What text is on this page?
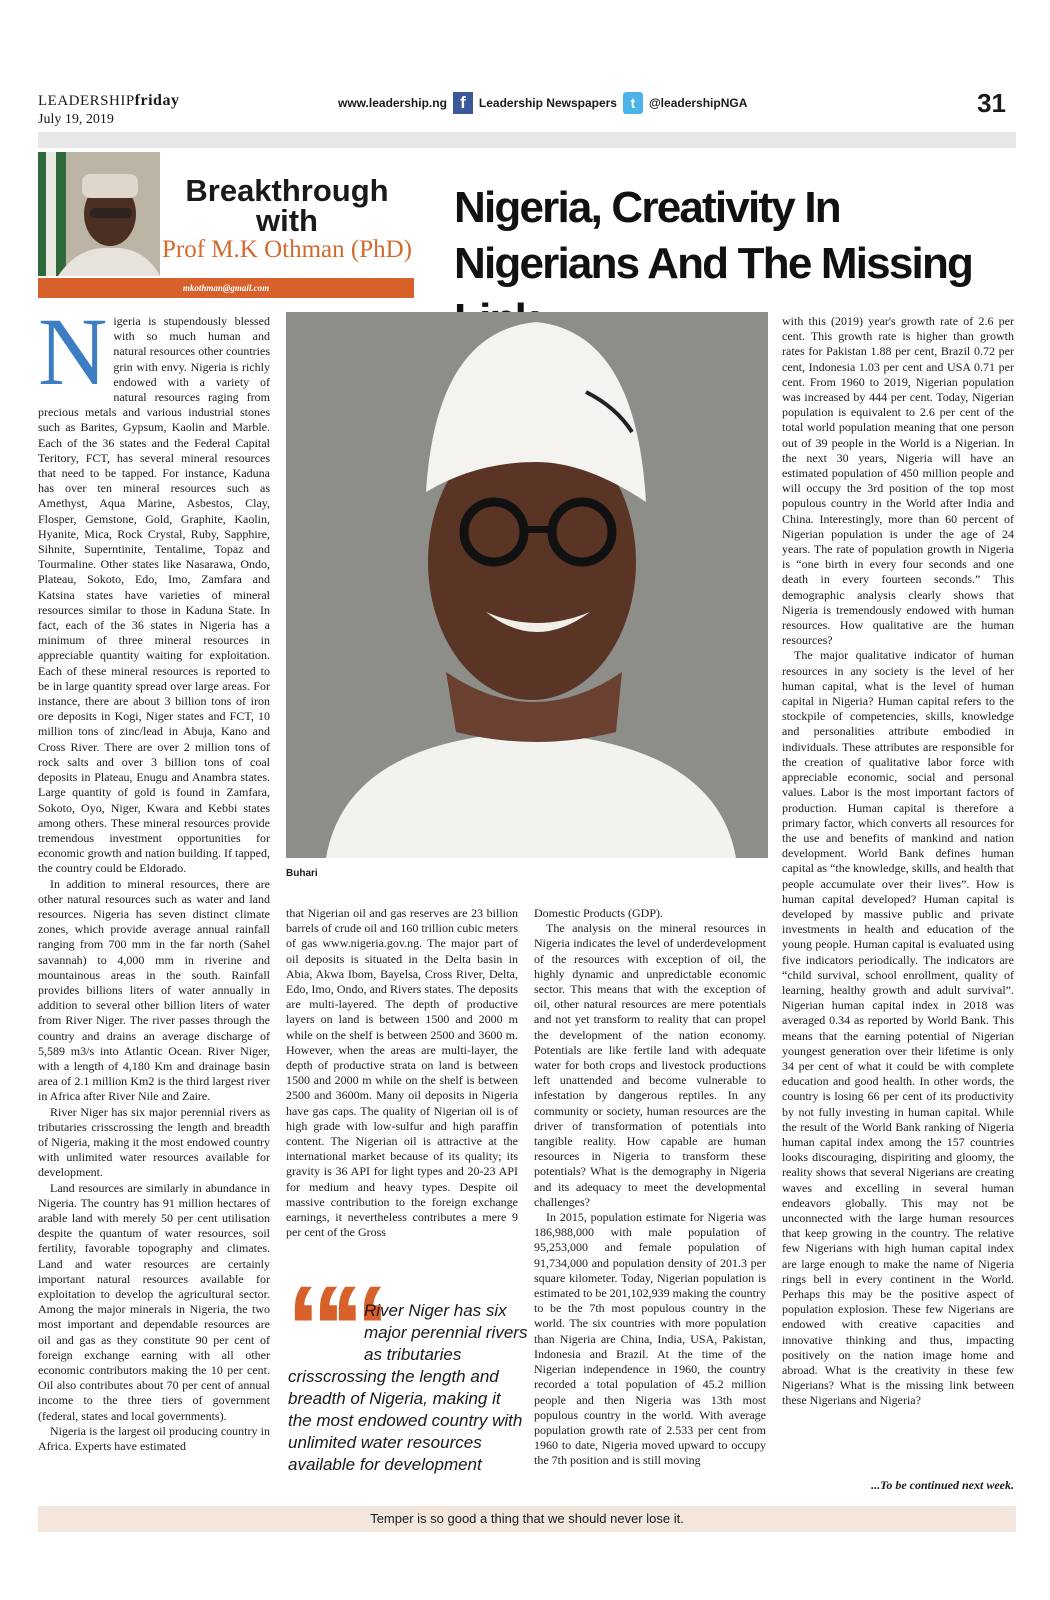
LEADERSHIPfriday
July 19, 2019
www.leadership.ng f	Leadership Newspapers t	@leadershipNGA	31
Breakthrough with
Prof M.K Othman (PhD)
mkothman@gmail.com
Nigeria, Creativity In Nigerians And The Missing
N igeria is stupendously blessed with so much human and natural resources other countries grin with envy. Nigeria is richly endowed with a variety of natural resources raging from precious metals and various industrial stones such as Barites, Gypsum, Kaolin and Marble. Each of the 36 states and the Federal Capital Teritory, FCT, has several mineral resources that need to be tapped. For instance, Kaduna has over ten mineral resources such as Amethyst, Aqua Marine, Asbestos, Clay, Flosper, Gemstone, Gold, Graphite, Kaolin, Hyanite, Mica, Rock Crystal, Ruby, Sapphire, Sihnite, Superntinite, Tentalime, Topaz and Tourmaline. Other states like Nasarawa, Ondo, Plateau, Sokoto, Edo, Imo, Zamfara and Katsina states have varieties of mineral resources similar to those in Kaduna State. In fact, each of the 36 states in Nigeria has a minimum of three mineral resources in appreciable quantity waiting for exploitation. Each of these mineral resources is reported to be in large quantity spread over large areas. For instance, there are about 3 billion tons of iron ore deposits in Kogi, Niger states and FCT, 10 million tons of zinc/lead in Abuja, Kano and Cross River. There are over 2 million tons of rock salts and over 3 billion tons of coal deposits in Plateau, Enugu and Anambra states. Large quantity of gold is found in Zamfara, Sokoto, Oyo, Niger, Kwara and Kebbi states among others. These mineral resources provide tremendous investment opportunities for economic growth and nation building. If tapped, the country could be Eldorado.

In addition to mineral resources, there are other natural resources such as water and land resources. Nigeria has seven distinct climate zones, which provide average annual rainfall ranging from 700 mm in the far north (Sahel savannah) to 4,000 mm in riverine and mountainous areas in the south. Rainfall provides billions liters of water annually in addition to several other billion liters of water from River Niger. The river passes through the country and drains an average discharge of 5,589 m3/s into Atlantic Ocean. River Niger, with a length of 4,180 Km and drainage basin area of 2.1 million Km2 is the third largest river in Africa after River Nile and Zaire.

River Niger has six major perennial rivers as tributaries crisscrossing the length and breadth of Nigeria, making it the most endowed country with unlimited water resources available for development.

Land resources are similarly in abundance in Nigeria. The country has 91 million hectares of arable land with merely 50 per cent utilisation despite the quantum of water resources, soil fertility, favorable topography and climates. Land and water resources are certainly important natural resources available for exploitation to develop the agricultural sector. Among the major minerals in Nigeria, the two most important and dependable resources are oil and gas as they constitute 90 per cent of foreign exchange earning with all other economic contributors making the 10 per cent. Oil also contributes about 70 per cent of annual income to the three tiers of government (federal, states and local governments).

Nigeria is the largest oil producing country in Africa. Experts have estimated

Buhari

that Nigerian oil and gas reserves are 23 billion barrels of crude oil and 160 trillion cubic meters of gas www.nigeria.gov.ng. The major part of oil deposits is situated in the Delta basin in Abia, Akwa Ibom, Bayelsa, Cross River, Delta, Edo, Imo, Ondo, and Rivers states. The deposits are multi-layered. The depth of productive layers on land is between 1500 and 2000 m while on the shelf is between 2500 and 3600 m. However, when the areas are multi-layer, the depth of productive strata on land is between 1500 and 2000 m while on the shelf is between 2500 and 3600m. Many oil deposits in Nigeria have gas caps. The quality of Nigerian oil is of high grade with low-sulfur and high paraffin content. The Nigerian oil is attractive at the international market because of its quality; its gravity is 36 API for light types and 20-23 API for medium and heavy types. Despite oil massive contribution to the foreign exchange earnings, it nevertheless contributes a mere 9 per cent of the Gross

““
River Niger has six major perennial rivers as tributaries
crisscrossing the length and breadth of Nigeria, making it the most endowed country with unlimited water resources available for development

Domestic Products (GDP).

The analysis on the mineral resources in Nigeria indicates the level of underdevelopment of the resources with exception of oil, the highly dynamic and unpredictable economic sector. This means that with the exception of oil, other natural resources are mere potentials and not yet transform to reality that can propel the development of the nation economy. Potentials are like fertile land with adequate water for both crops and livestock productions left unattended and become vulnerable to infestation by dangerous reptiles. In any community or society, human resources are the driver of transformation of potentials into tangible reality. How capable are human resources in Nigeria to transform these potentials? What is the demography in Nigeria and its adequacy to meet the developmental challenges?

In 2015, population estimate for Nigeria was 186,988,000 with male population of 95,253,000 and female population of 91,734,000 and population density of 201.3 per square kilometer. Today, Nigerian population is estimated to be 201,102,939 making the country to be the 7th most populous country in the world. The six countries with more population than Nigeria are China, India, USA, Pakistan, Indonesia and Brazil. At the time of the Nigerian independence in 1960, the country recorded a total population of 45.2 million people and then Nigeria was 13th most populous country in the world. With average population growth rate of 2.533 per cent from 1960 to date, Nigeria moved upward to occupy the 7th position and is still moving

with this (2019) year's growth rate of 2.6 per cent. This growth rate is higher than growth rates for Pakistan 1.88 per cent, Brazil 0.72 per cent, Indonesia 1.03 per cent and USA 0.71 per cent. From 1960 to 2019, Nigerian population was increased by 444 per cent. Today, Nigerian population is equivalent to 2.6 per cent of the total world population meaning that one person out of 39 people in the World is a Nigerian. In the next 30 years, Nigeria will have an estimated population of 450 million people and will occupy the 3rd position of the top most populous country in the World after India and China. Interestingly, more than 60 percent of Nigerian population is under the age of 24 years. The rate of population growth in Nigeria is “one birth in every four seconds and one death in every fourteen seconds.” This demographic analysis clearly shows that Nigeria is tremendously endowed with human resources. How qualitative are the human resources?

The major qualitative indicator of human resources in any society is the level of her human capital, what is the level of human capital in Nigeria? Human capital refers to the stockpile of competencies, skills, knowledge and personalities attribute embodied in individuals. These attributes are responsible for the creation of qualitative labor force with appreciable economic, social and personal values. Labor is the most important factors of production. Human capital is therefore a primary factor, which converts all resources for the use and benefits of mankind and nation development. World Bank defines human capital as “the knowledge, skills, and health that people accumulate over their lives”. How is human capital developed? Human capital is developed by massive public and private investments in health and education of the young people. Human capital is evaluated using five indicators periodically. The indicators are “child survival, school enrollment, quality of learning, healthy growth and adult survival”. Nigerian human capital index in 2018 was averaged 0.34 as reported by World Bank. This means that the earning potential of Nigerian youngest generation over their lifetime is only 34 per cent of what it could be with complete education and good health. In other words, the country is losing 66 per cent of its productivity by not fully investing in human capital. While the result of the World Bank ranking of Nigeria human capital index among the 157 countries looks discouraging, dispiriting and gloomy, the reality shows that several Nigerians are creating waves and excelling in several human endeavors globally. This may not be unconnected with the large human resources that keep growing in the country. The relative few Nigerians with high human capital index are large enough to make the name of Nigeria rings bell in every continent in the World. Perhaps this may be the positive aspect of population explosion. These few Nigerians are endowed with creative capacities and innovative thinking and thus, impacting positively on the nation image home and abroad. What is the creativity in these few Nigerians? What is the missing link between these Nigerians and Nigeria?

...To be continued next week.
Temper is so good a thing that we should never lose it.
